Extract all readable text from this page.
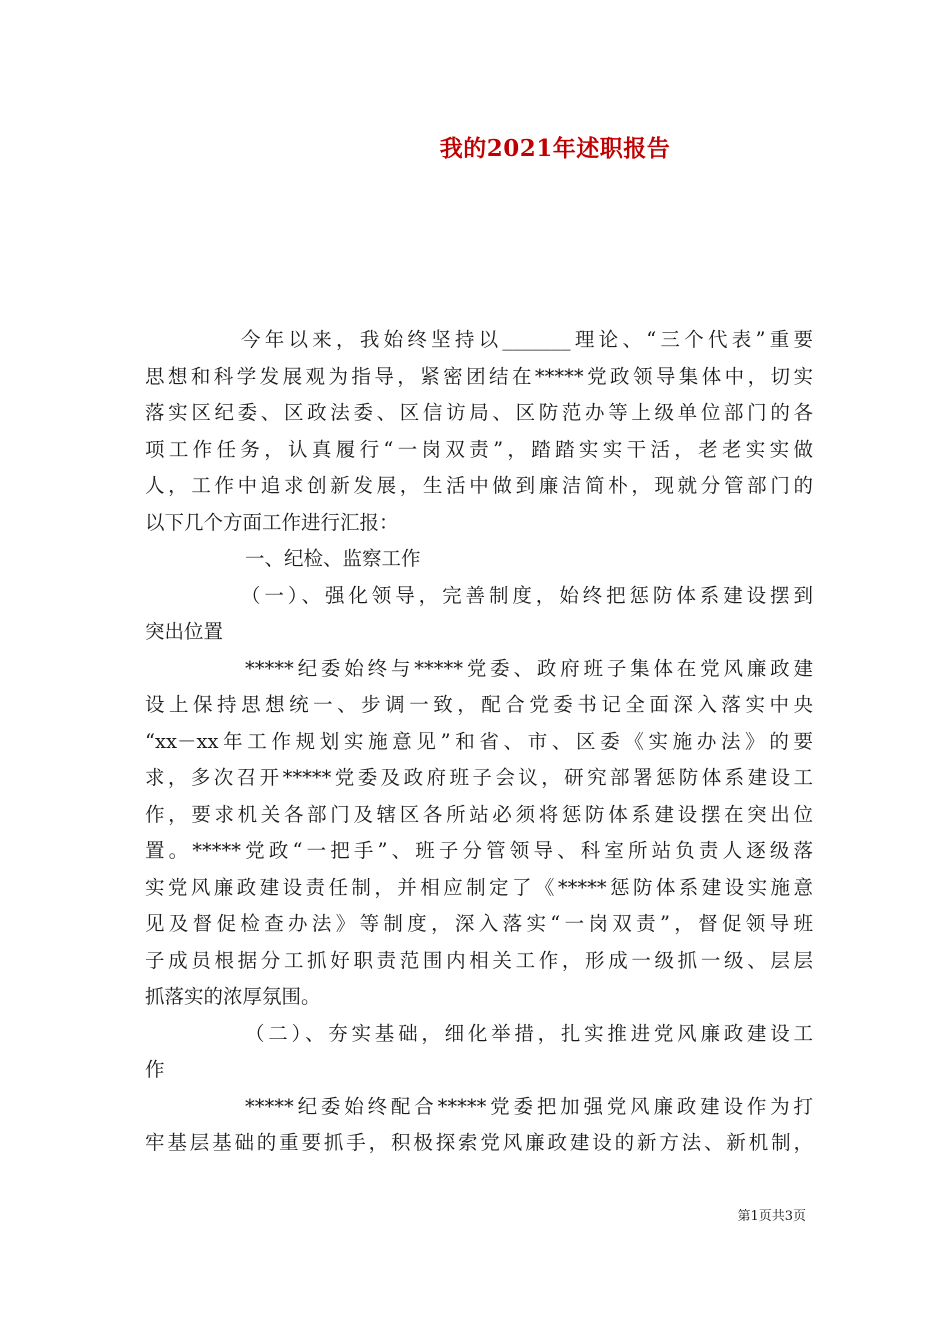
我的2021年述职报告
今年以来，我始终坚持以_______理论、“三个代表”重要
思想和科学发展观为指导，紧密团结在*****党政领导集体中，切实
落实区纪委、区政法委、区信访局、区防范办等上级单位部门的各
项工作任务，认真履行“一岗双责”，踏踏实实干活，老老实实做
人，工作中追求创新发展，生活中做到廉洁简朴，现就分管部门的
以下几个方面工作进行汇报：
一、纪检、监察工作
（一）、强化领导，完善制度，始终把惩防体系建设摆到
突出位置
*****纪委始终与*****党委、政府班子集体在党风廉政建
设上保持思想统一、步调一致，配合党委书记全面深入落实中央
“xx－xx年工作规划实施意见”和省、市、区委《实施办法》的要
求，多次召开*****党委及政府班子会议，研究部署惩防体系建设工
作，要求机关各部门及辖区各所站必须将惩防体系建设摆在突出位
置。*****党政“一把手”、班子分管领导、科室所站负责人逐级落
实党风廉政建设责任制，并相应制定了《*****惩防体系建设实施意
见及督促检查办法》等制度，深入落实“一岗双责”，督促领导班
子成员根据分工抓好职责范围内相关工作，形成一级抓一级、层层
抓落实的浓厚氛围。
（二）、夯实基础，细化举措，扎实推进党风廉政建设工
作
*****纪委始终配合*****党委把加强党风廉政建设作为打
牢基层基础的重要抓手，积极探索党风廉政建设的新方法、新机制，
第1页共3页
